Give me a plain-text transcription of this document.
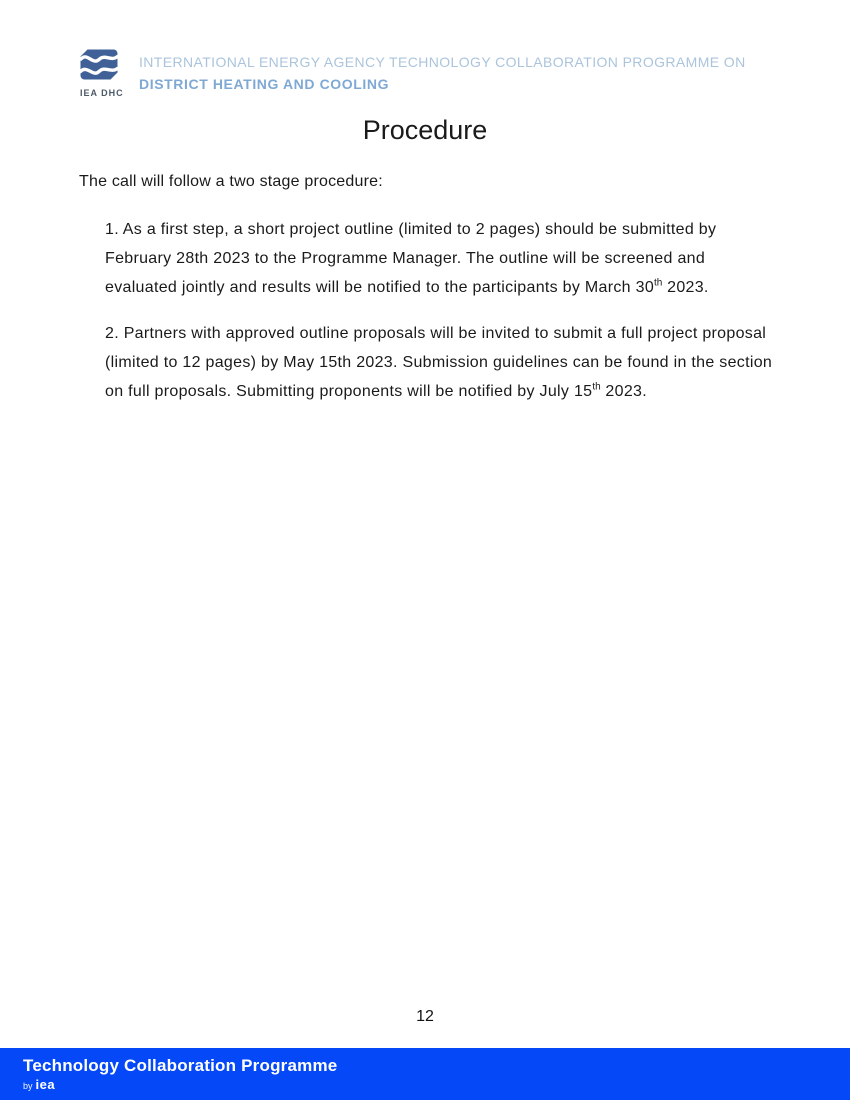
IEA DHC
INTERNATIONAL ENERGY AGENCY TECHNOLOGY COLLABORATION PROGRAMME ON
DISTRICT HEATING AND COOLING
Procedure

The call will follow a two stage procedure:

1. As a first step, a short project outline (limited to 2 pages) should be submitted by February 28th 2023 to the Programme Manager. The outline will be screened and evaluated jointly and results will be notified to the participants by March 30th 2023.

2. Partners with approved outline proposals will be invited to submit a full project proposal (limited to 12 pages) by May 15th 2023. Submission guidelines can be found in the section on full proposals. Submitting proponents will be notified by July 15th 2023.

12
Technology Collaboration Programme
by iea
